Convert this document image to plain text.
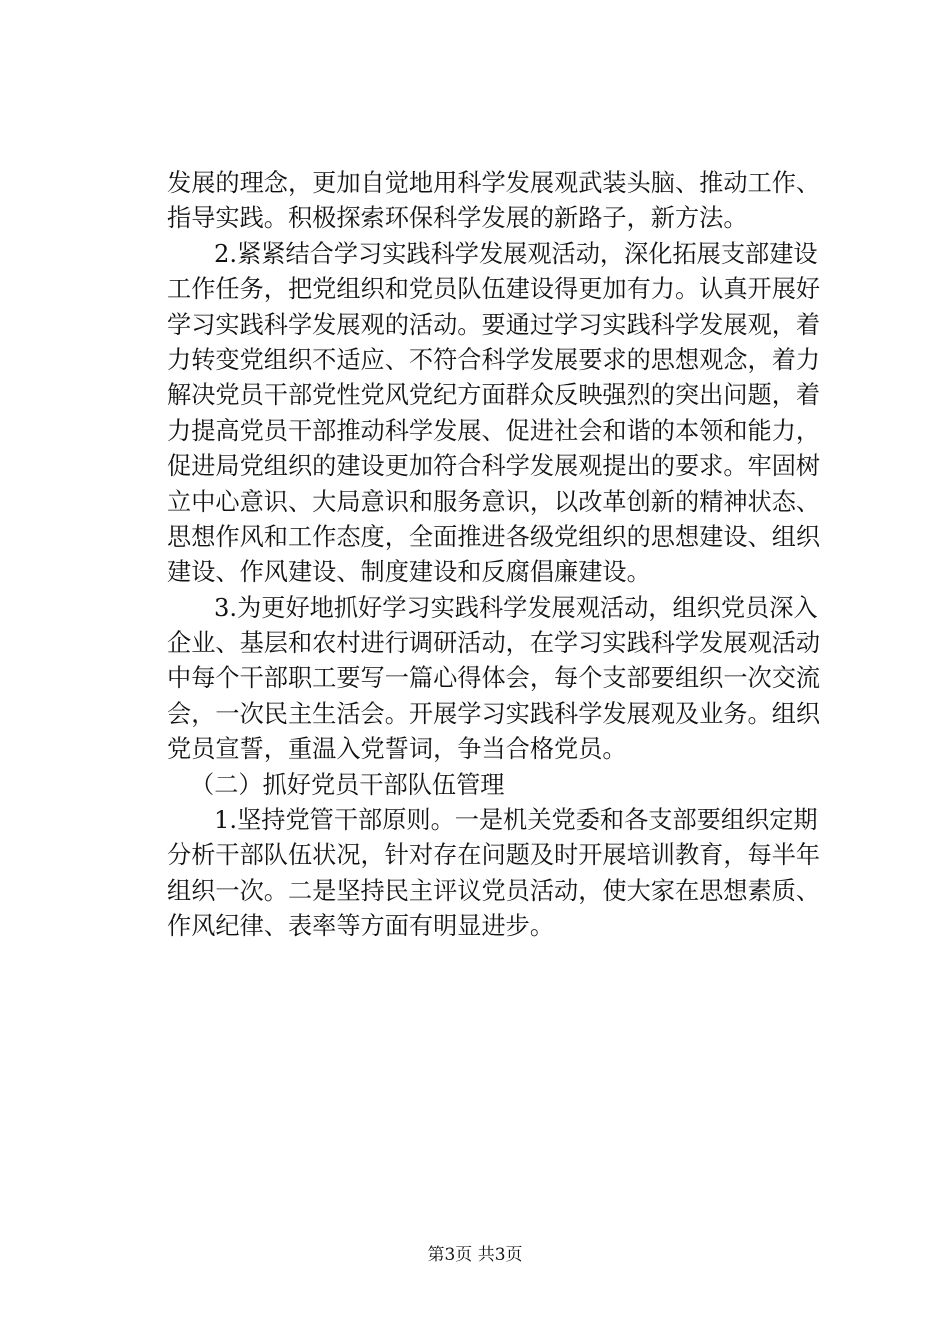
发展的理念，更加自觉地用科学发展观武装头脑、推动工作、
指导实践。积极探索环保科学发展的新路子，新方法。
2.紧紧结合学习实践科学发展观活动，深化拓展支部建设
工作任务，把党组织和党员队伍建设得更加有力。认真开展好
学习实践科学发展观的活动。要通过学习实践科学发展观，着
力转变党组织不适应、不符合科学发展要求的思想观念，着力
解决党员干部党性党风党纪方面群众反映强烈的突出问题，着
力提高党员干部推动科学发展、促进社会和谐的本领和能力，
促进局党组织的建设更加符合科学发展观提出的要求。牢固树
立中心意识、大局意识和服务意识，以改革创新的精神状态、
思想作风和工作态度，全面推进各级党组织的思想建设、组织
建设、作风建设、制度建设和反腐倡廉建设。
3.为更好地抓好学习实践科学发展观活动，组织党员深入
企业、基层和农村进行调研活动，在学习实践科学发展观活动
中每个干部职工要写一篇心得体会，每个支部要组织一次交流
会，一次民主生活会。开展学习实践科学发展观及业务。组织
党员宣誓，重温入党誓词，争当合格党员。
（二）抓好党员干部队伍管理
1.坚持党管干部原则。一是机关党委和各支部要组织定期
分析干部队伍状况，针对存在问题及时开展培训教育，每半年
组织一次。二是坚持民主评议党员活动，使大家在思想素质、
作风纪律、表率等方面有明显进步。
第3页 共3页
